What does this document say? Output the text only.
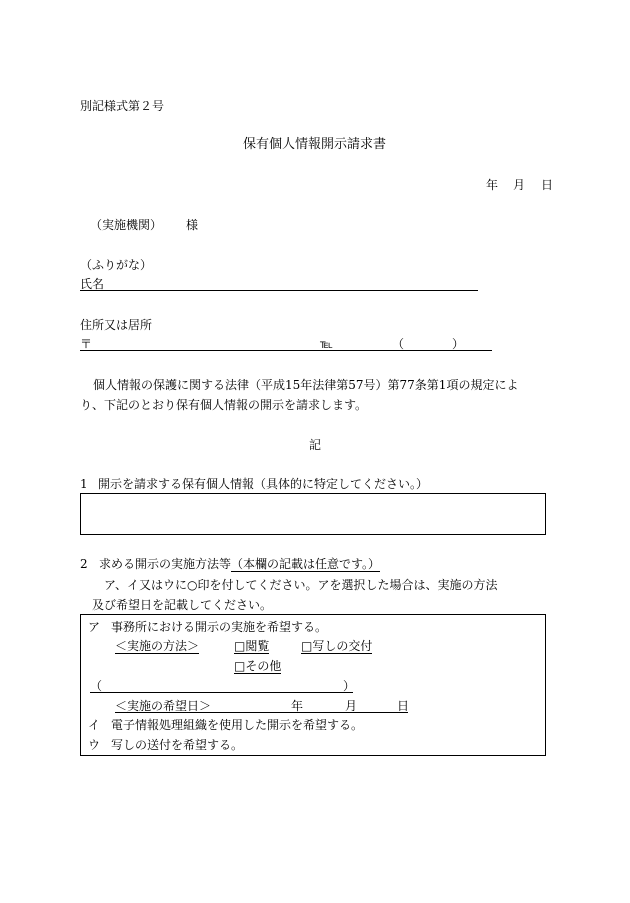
別記様式第２号
保有個人情報開示請求書
年 月 日
（実施機関） 様
（ふりがな）
氏名
住所又は居所
〒	℡	（　　　　）
個人情報の保護に関する法律（平成15年法律第57号）第77条第1項の規定によ
り、下記のとおり保有個人情報の開示を請求します。
記
1 開示を請求する保有個人情報（具体的に特定してください。）
2 求める開示の実施方法等（本欄の記載は任意です。）
ア、イ又はウに○印を付してください。アを選択した場合は、実施の方法
及び希望日を記載してください。
ア 事務所における開示の実施を希望する。
＜実施の方法＞	□閲覧	□写しの交付
□その他
（	）
＜実施の希望日＞	年	月	日
イ 電子情報処理組織を使用した開示を希望する。
ウ 写しの送付を希望する。
